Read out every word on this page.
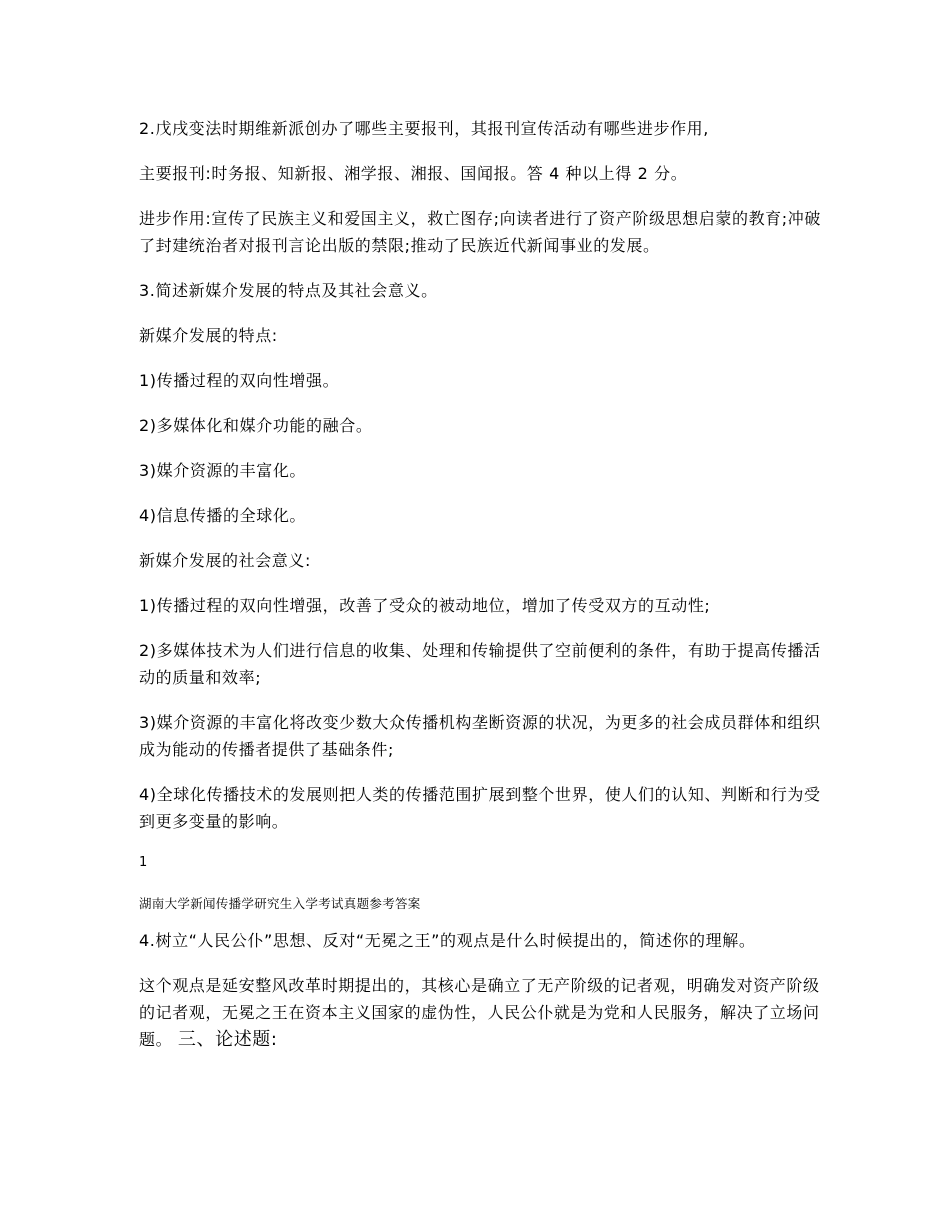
2.戊戌变法时期维新派创办了哪些主要报刊，其报刊宣传活动有哪些进步作用,

主要报刊:时务报、知新报、湘学报、湘报、国闻报。答 4 种以上得 2 分。

进步作用:宣传了民族主义和爱国主义，救亡图存;向读者进行了资产阶级思想启蒙的教育;冲破了封建统治者对报刊言论出版的禁限;推动了民族近代新闻事业的发展。

3.简述新媒介发展的特点及其社会意义。

新媒介发展的特点:

1)传播过程的双向性增强。

2)多媒体化和媒介功能的融合。

3)媒介资源的丰富化。

4)信息传播的全球化。

新媒介发展的社会意义:

1)传播过程的双向性增强，改善了受众的被动地位，增加了传受双方的互动性;

2)多媒体技术为人们进行信息的收集、处理和传输提供了空前便利的条件，有助于提高传播活动的质量和效率;

3)媒介资源的丰富化将改变少数大众传播机构垄断资源的状况，为更多的社会成员群体和组织成为能动的传播者提供了基础条件;

4)全球化传播技术的发展则把人类的传播范围扩展到整个世界，使人们的认知、判断和行为受到更多变量的影响。

1

湖南大学新闻传播学研究生入学考试真题参考答案

4.树立“人民公仆”思想、反对“无冕之王”的观点是什么时候提出的，简述你的理解。

这个观点是延安整风改革时期提出的，其核心是确立了无产阶级的记者观，明确发对资产阶级的记者观，无冕之王在资本主义国家的虚伪性，人民公仆就是为党和人民服务，解决了立场问题。 三、论述题:
